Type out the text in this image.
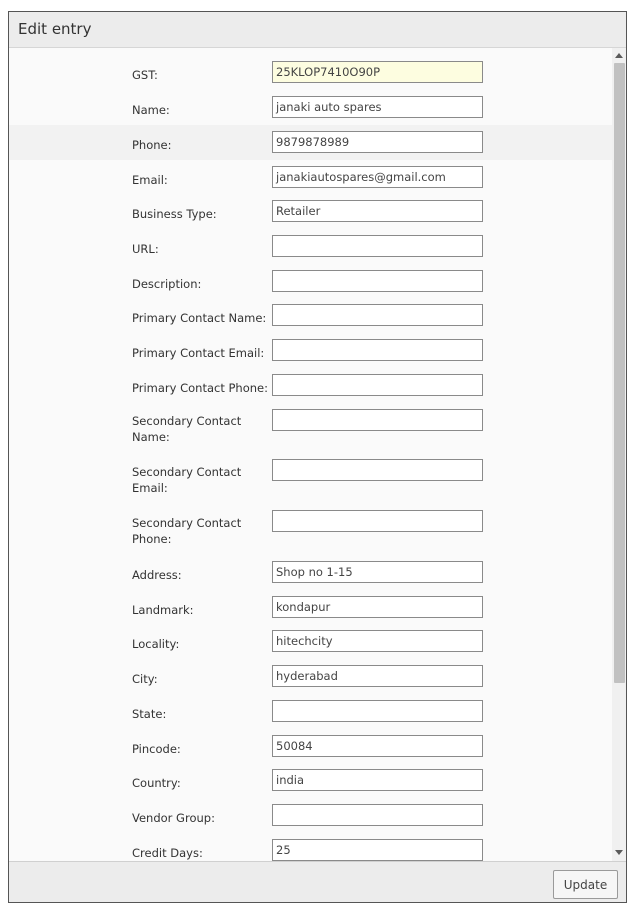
Edit entry
GST:	25KLOP7410O90P
Name:	janaki auto spares
Phone:	9879878989
Email:	janakiautospares@gmail.com
Business Type:	Retailer
URL:
Description:
Primary Contact Name:
Primary Contact Email:
Primary Contact Phone:
Secondary Contact Name:
Secondary Contact Email:
Secondary Contact Phone:
Address:	Shop no 1-15
Landmark:	kondapur
Locality:	hitechcity
City:	hyderabad
State:
Pincode:	50084
Country:	india
Vendor Group:
Credit Days:	25
Update
